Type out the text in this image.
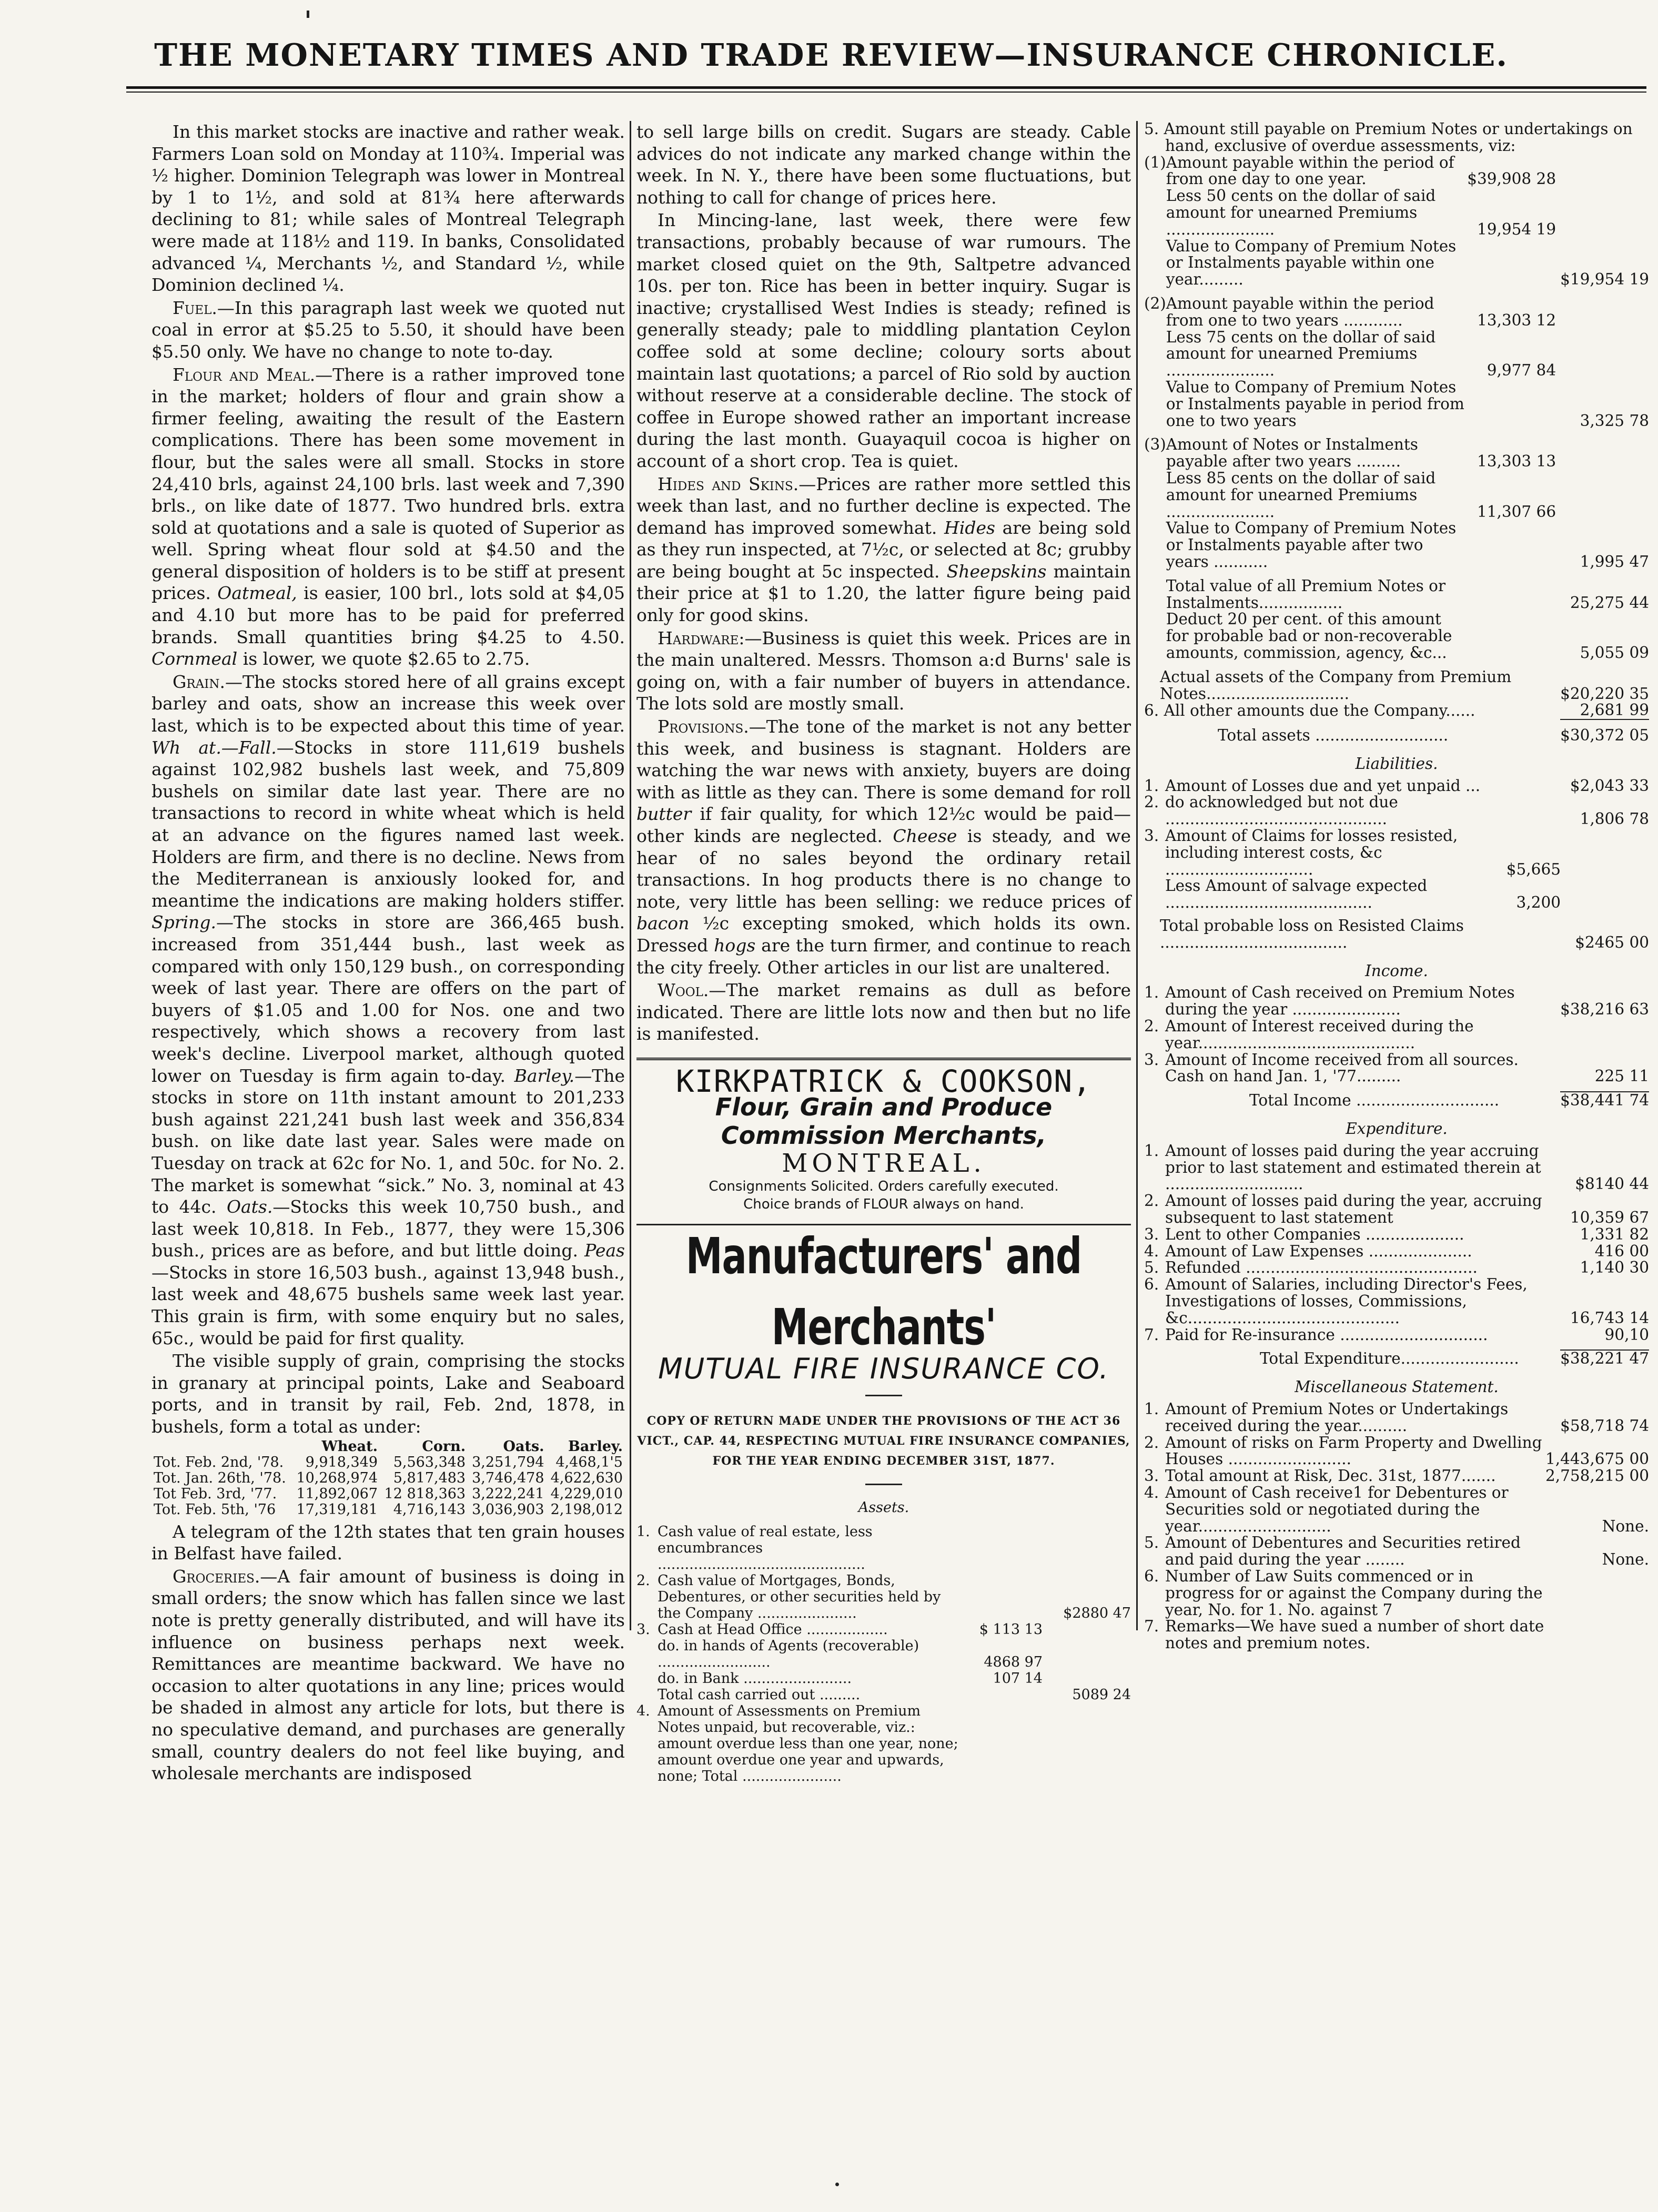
THE MONETARY TIMES AND TRADE REVIEW—INSURANCE CHRONICLE.

In this market stocks are inactive and rather weak. Farmers Loan sold on Monday at 110¾. Imperial was ½ higher. Dominion Telegraph was lower in Montreal by 1 to 1½, and sold at 81¾ here afterwards declining to 81; while sales of Montreal Telegraph were made at 118½ and 119. In banks, Consolidated advanced ¼, Merchants ½, and Standard ½, while Dominion declined ¼.

Fuel.—In this paragraph last week we quoted nut coal in error at $5.25 to 5.50, it should have been $5.50 only. We have no change to note to-day.

Flour and Meal.—There is a rather improved tone in the market; holders of flour and grain show a firmer feeling, awaiting the result of the Eastern complications. There has been some movement in flour, but the sales were all small. Stocks in store 24,410 brls, against 24,100 brls. last week and 7,390 brls., on like date of 1877. Two hundred brls. extra sold at quotations and a sale is quoted of Superior as well. Spring wheat flour sold at $4.50 and the general disposition of holders is to be stiff at present prices. Oatmeal, is easier, 100 brl., lots sold at $4,05 and 4.10 but more has to be paid for preferred brands. Small quantities bring $4.25 to 4.50. Cornmeal is lower, we quote $2.65 to 2.75.

Grain.—The stocks stored here of all grains except barley and oats, show an increase this week over last, which is to be expected about this time of year. Wh at.—Fall.—Stocks in store 111,619 bushels against 102,982 bushels last week, and 75,809 bushels on similar date last year. There are no transactions to record in white wheat which is held at an advance on the figures named last week. Holders are firm, and there is no decline. News from the Mediterranean is anxiously looked for, and meantime the indications are making holders stiffer. Spring.—The stocks in store are 366,465 bush. increased from 351,444 bush., last week as compared with only 150,129 bush., on corresponding week of last year. There are offers on the part of buyers of $1.05 and 1.00 for Nos. one and two respectively, which shows a recovery from last week's decline. Liverpool market, although quoted lower on Tuesday is firm again to-day. Barley.—The stocks in store on 11th instant amount to 201,233 bush against 221,241 bush last week and 356,834 bush. on like date last year. Sales were made on Tuesday on track at 62c for No. 1, and 50c. for No. 2. The market is somewhat “sick.” No. 3, nominal at 43 to 44c. Oats.—Stocks this week 10,750 bush., and last week 10,818. In Feb., 1877, they were 15,306 bush., prices are as before, and but little doing. Peas —Stocks in store 16,503 bush., against 13,948 bush., last week and 48,675 bushels same week last year. This grain is firm, with some enquiry but no sales, 65c., would be paid for first quality.

The visible supply of grain, comprising the stocks in granary at principal points, Lake and Seaboard ports, and in transit by rail, Feb. 2nd, 1878, in bushels, form a total as under:

	Wheat.	Corn.	Oats.	Barley.
Tot. Feb. 2nd, '78.	9,918,349	5,563,348	3,251,794	4,468,1'5
Tot. Jan. 26th, '78.	10,268,974	5,817,483	3,746,478	4,622,630
Tot Feb. 3rd, '77.	11,892,067	12 818,363	3,222,241	4,229,010
Tot. Feb. 5th, '76	17,319,181	4,716,143	3,036,903	2,198,012

A telegram of the 12th states that ten grain houses in Belfast have failed.

Groceries.—A fair amount of business is doing in small orders; the snow which has fallen since we last note is pretty generally distributed, and will have its influence on business perhaps next week. Remittances are meantime backward. We have no occasion to alter quotations in any line; prices would be shaded in almost any article for lots, but there is no speculative demand, and purchases are generally small, country dealers do not feel like buying, and wholesale merchants are indisposed

to sell large bills on credit. Sugars are steady. Cable advices do not indicate any marked change within the week. In N. Y., there have been some fluctuations, but nothing to call for change of prices here.

In Mincing-lane, last week, there were few transactions, probably because of war rumours. The market closed quiet on the 9th, Saltpetre advanced 10s. per ton. Rice has been in better inquiry. Sugar is inactive; crystallised West Indies is steady; refined is generally steady; pale to middling plantation Ceylon coffee sold at some decline; coloury sorts about maintain last quotations; a parcel of Rio sold by auction without reserve at a considerable decline. The stock of coffee in Europe showed rather an important increase during the last month. Guayaquil cocoa is higher on account of a short crop. Tea is quiet.

Hides and Skins.—Prices are rather more settled this week than last, and no further decline is expected. The demand has improved somewhat. Hides are being sold as they run inspected, at 7½c, or selected at 8c; grubby are being bought at 5c inspected. Sheepskins maintain their price at $1 to 1.20, the latter figure being paid only for good skins.

Hardware:—Business is quiet this week. Prices are in the main unaltered. Messrs. Thomson a:d Burns' sale is going on, with a fair number of buyers in attendance. The lots sold are mostly small.

Provisions.—The tone of the market is not any better this week, and business is stagnant. Holders are watching the war news with anxiety, buyers are doing with as little as they can. There is some demand for roll butter if fair quality, for which 12½c would be paid—other kinds are neglected. Cheese is steady, and we hear of no sales beyond the ordinary retail transactions. In hog products there is no change to note, very little has been selling: we reduce prices of bacon ½c excepting smoked, which holds its own. Dressed hogs are the turn firmer, and continue to reach the city freely. Other articles in our list are unaltered.

Wool.—The market remains as dull as before indicated. There are little lots now and then but no life is manifested.

KIRKPATRICK & COOKSON,
Flour, Grain and Produce Commission Merchants,
MONTREAL.
Consignments Solicited. Orders carefully executed.
Choice brands of FLOUR always on hand.
Manufacturers' and Merchants'
MUTUAL FIRE INSURANCE CO.
COPY OF RETURN MADE UNDER THE PROVISIONS OF THE ACT 36 VICT., CAP. 44, RESPECTING MUTUAL FIRE INSURANCE COMPANIES, FOR THE YEAR ENDING DECEMBER 31ST, 1877.
Assets.
1.	Cash value of real estate, less encumbrances ..............................................		
2.	Cash value of Mortgages, Bonds, Debentures, or other securities held by the Company ......................		$2880 47
3.	Cash at Head Office ..................	$ 113 13	
	do. in hands of Agents (recoverable) .........................	4868 97	
	do. in Bank ........................	107 14	
	Total cash carried out .........		5089 24
4.	Amount of Assessments on Premium Notes unpaid, but recoverable, viz.: amount overdue less than one year, none; amount overdue one year and upwards, none; Total ......................		
5. Amount still payable on Premium Notes or undertakings on hand, exclusive of overdue assessments, viz:
(1)	Amount payable within the period of from one day to one year.	$39,908 28	
	Less 50 cents on the dollar of said amount for unearned Premiums ......................	19,954 19	
	Value to Company of Premium Notes or Instalments payable within one year.........		$19,954 19

(2)	Amount payable within the period from one to two years ............	13,303 12	
	Less 75 cents on the dollar of said amount for unearned Premiums ......................	9,977 84	
	Value to Company of Premium Notes or Instalments payable in period from one to two years		3,325 78

(3)	Amount of Notes or Instalments payable after two years .........	13,303 13	
	Less 85 cents on the dollar of said amount for unearned Premiums ......................	11,307 66	
	Value to Company of Premium Notes or Instalments payable after two years ...........		1,995 47

	Total value of all Premium Notes or Instalments.................		25,275 44
	Deduct 20 per cent. of this amount for probable bad or non-recoverable amounts, commission, agency, &c...		5,055 09
Actual assets of the Company from Premium Notes.............................	$20,220 35
6. All other amounts due the Company......	2,681 99
Total assets ...........................	$30,372 05
Liabilities.
1.	Amount of Losses due and yet unpaid ...		$2,043 33
2.	do acknowledged but not due .............................................		1,806 78
3.	Amount of Claims for losses resisted, including interest costs, &c ..............................	$5,665	
	Less Amount of salvage expected ..........................................	3,200	
Total probable loss on Resisted Claims ......................................	$2465 00
Income.
1.	Amount of Cash received on Premium Notes during the year ......................	$38,216 63
2.	Amount of Interest received during the year............................................	
3.	Amount of Income received from all sources. Cash on hand Jan. 1, '77.........	225 11
Total Income .............................	$38,441 74
Expenditure.
1.	Amount of losses paid during the year accruing prior to last statement and estimated therein at ............................	$8140 44
2.	Amount of losses paid during the year, accruing subsequent to last statement	10,359 67
3.	Lent to other Companies ....................	1,331 82
4.	Amount of Law Expenses .....................	416 00
5.	Refunded ...............................................	1,140 30
6.	Amount of Salaries, including Director's Fees, Investigations of losses, Commissions, &c...........................................	16,743 14
7.	Paid for Re-insurance ..............................	90,10
Total Expenditure........................	$38,221 47
Miscellaneous Statement.
1.	Amount of Premium Notes or Undertakings received during the year..........	$58,718 74
2.	Amount of risks on Farm Property and Dwelling Houses .........................	1,443,675 00
3.	Total amount at Risk, Dec. 31st, 1877.......	2,758,215 00
4.	Amount of Cash receive1 for Debentures or Securities sold or negotiated during the year...........................	None.
5.	Amount of Debentures and Securities retired and paid during the year ........	None.
6.	Number of Law Suits commenced or in progress for or against the Company during the year, No. for 1. No. against 7	
7.	Remarks—We have sued a number of short date notes and premium notes.	
